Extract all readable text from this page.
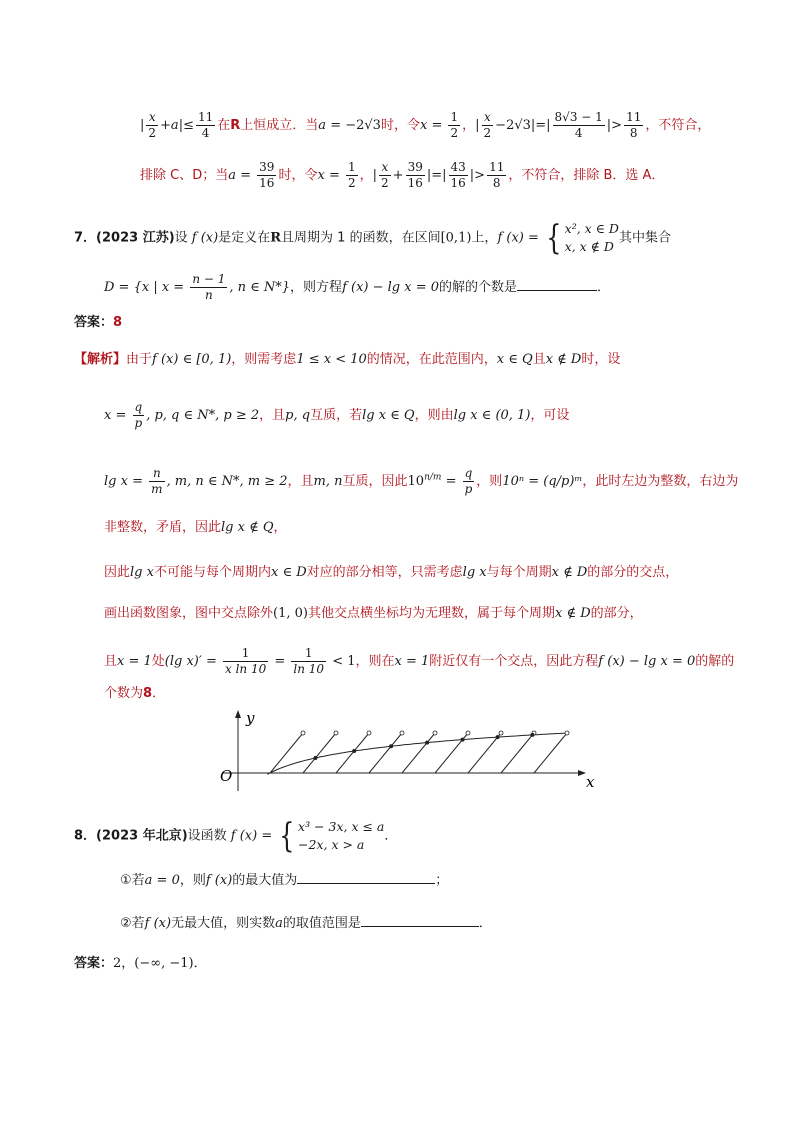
| $\frac{x}{2} +a|\le \frac{11}{4}$ 在R上恒成立．当a = −2√3时，令$x = \frac{1}{2}$ ，| $\frac{x}{2} -2√3|=| \frac{8√3 - 1}{4}$ |> $\frac{11}{8}$ ，不符合，
排除 C、D；当$a = \frac{39}{16}$ 时，令$x = \frac{1}{2}$ ，| $\frac{x}{2} + \frac{39}{16}$ |=| $\frac{43}{16}$ |> $\frac{11}{8}$ ，不符合，排除 B．选 A．
7．(2023 江苏)设 f (x)是定义在R且周期为 1 的函数，在区间[0,1)上，f (x) = { x², x ∈ D
x, x ∉ D
其中集合
D = {x | $x = \frac{n - 1}{n}$ , n ∈ N*}，则方程f (x) − lg x = 0的解的个数是	．
答案：8
【解析】由于f (x) ∈ [0, 1)，则需考虑1 ≤ x < 10的情况，在此范围内，x ∈ Q且x ∉ D时，设
$x = \frac{q}{p}$ , p, q ∈ N*, p ≥ 2，且p, q互质，若lg x ∈ Q，则由lg x ∈ (0, 1)，可设
$\lg x = \frac{n}{m}$ , m, n ∈ N*, m ≥ 2，且m, n互质，因此$10^{n/m} = \frac{q}{p}$ ，则10ⁿ = (q/p)ᵐ，此时左边为整数，右边为
非整数，矛盾，因此lg x ∉ Q，
因此lg x不可能与每个周期内x ∈ D对应的部分相等，只需考虑lg x与每个周期x ∉ D的部分的交点，
画出函数图象，图中交点除外(1, 0)其他交点横坐标均为无理数，属于每个周期x ∉ D的部分，
且x = 1处(lg $x)' = \frac{1}{\text{x ln 10}} = \frac{1}{\ln 10} < 1$，则在x = 1附近仅有一个交点，因此方程f (x) − lg x = 0的解的
个数为8．
y
x
O
8．(2023 年北京)设函数 f (x) = { x³ − 3x, x ≤ a
−2x, x > a
．
①若a = 0，则f (x)的最大值为	；
②若f (x)无最大值，则实数a的取值范围是	．
答案：2，(−∞, −1)．
